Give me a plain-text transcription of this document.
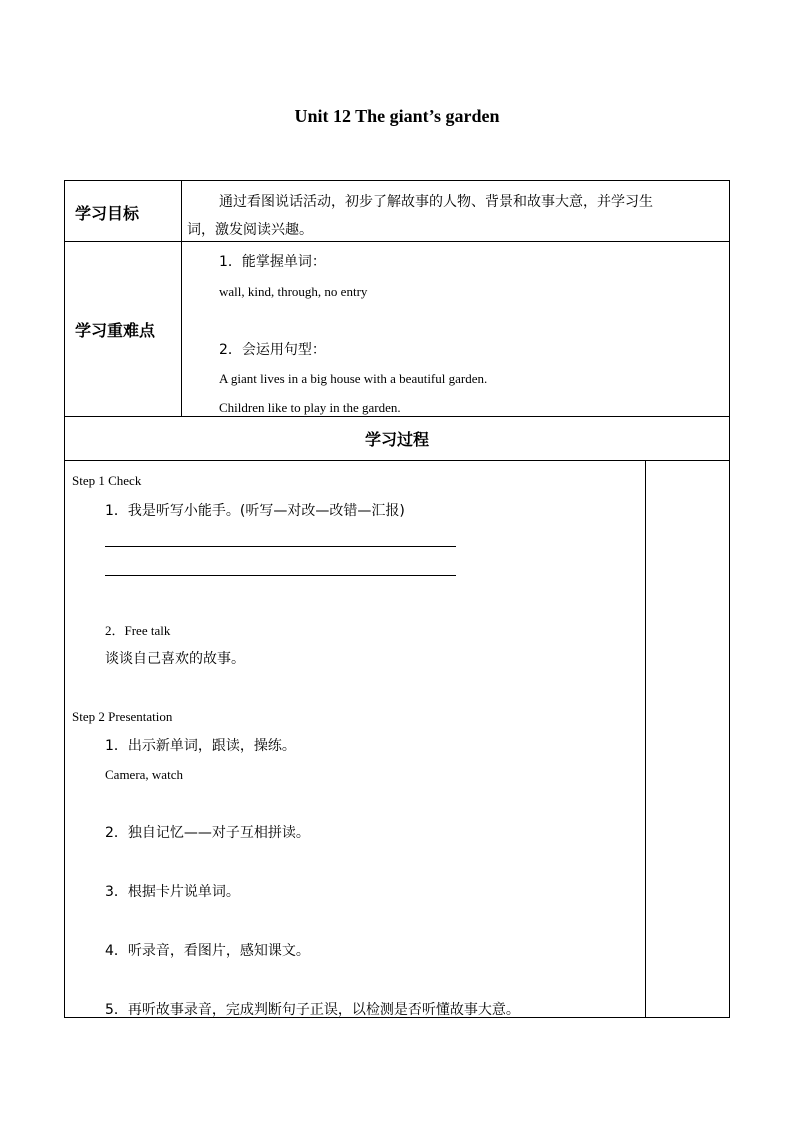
Unit 12 The giant’s garden
学习目标
通过看图说话活动，初步了解故事的人物、背景和故事大意，并学习生
词，激发阅读兴趣。
学习重难点
1．能掌握单词：
wall, kind, through, no entry
2．会运用句型：
A giant lives in a big house with a beautiful garden.
Children like to play in the garden.
学习过程
Step 1 Check
1．我是听写小能手。(听写—对改—改错—汇报)
2．Free talk
谈谈自己喜欢的故事。
Step 2 Presentation
1．出示新单词，跟读，操练。
Camera, watch
2．独自记忆——对子互相拼读。
3．根据卡片说单词。
4．听录音，看图片，感知课文。
5．再听故事录音，完成判断句子正误，以检测是否听懂故事大意。
